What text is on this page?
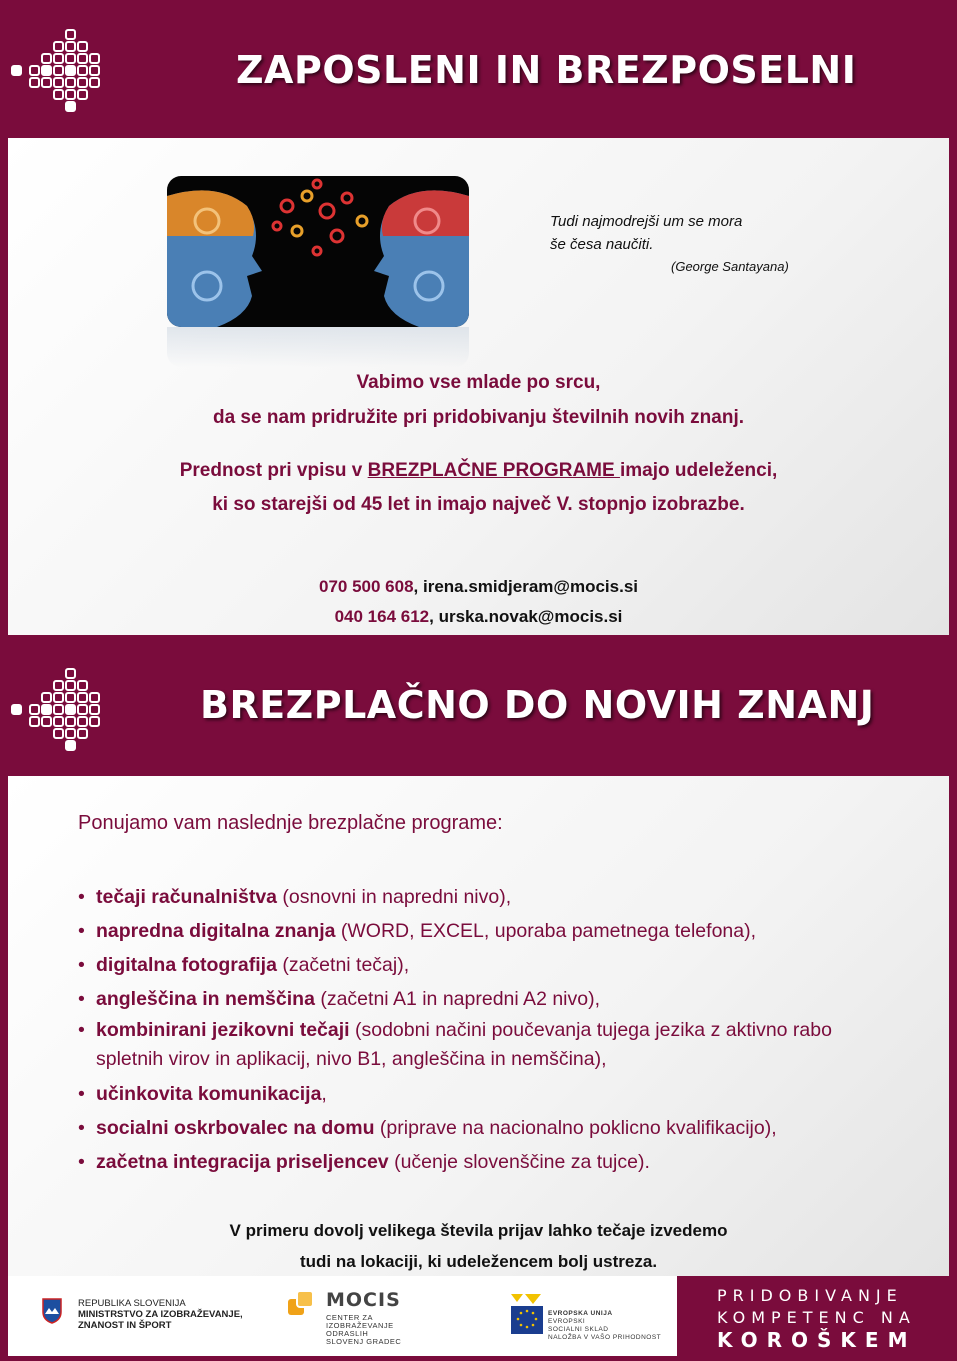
ZAPOSLENI IN BREZPOSELNI
Tudi najmodrejši um se mora
še česa naučiti.
(George Santayana)
Vabimo vse mlade po srcu,
da se nam pridružite pri pridobivanju številnih novih znanj.
Prednost pri vpisu v BREZPLAČNE PROGRAME imajo udeleženci,
ki so starejši od 45 let in imajo največ V. stopnjo izobrazbe.
070 500 608, irena.smidjeram@mocis.si
040 164 612, urska.novak@mocis.si
BREZPLAČNO DO NOVIH ZNANJ
Ponujamo vam naslednje brezplačne programe:
• tečaji računalništva (osnovni in napredni nivo),
• napredna digitalna znanja (WORD, EXCEL, uporaba pametnega telefona),
• digitalna fotografija (začetni tečaj),
• angleščina in nemščina (začetni A1 in napredni A2 nivo),
• kombinirani jezikovni tečaji (sodobni načini poučevanja tujega jezika z aktivno rabo spletnih virov in aplikacij, nivo B1, angleščina in nemščina),
• učinkovita komunikacija,
• socialni oskrbovalec na domu (priprave na nacionalno poklicno kvalifikacijo),
• začetna integracija priseljencev (učenje slovenščine za tujce).
V primeru dovolj velikega števila prijav lahko tečaje izvedemo
tudi na lokaciji, ki udeležencem bolj ustreza.
REPUBLIKA SLOVENIJA
MINISTRSTVO ZA IZOBRAŽEVANJE,
ZNANOST IN ŠPORT
MOCIS
CENTER ZA
IZOBRAŽEVANJE
ODRASLIH
SLOVENJ GRADEC
EVROPSKA UNIJA
EVROPSKI
SOCIALNI SKLAD
NALOŽBA V VAŠO PRIHODNOST
PRIDOBIVANJE
KOMPETENC NA
KOROŠKEM
